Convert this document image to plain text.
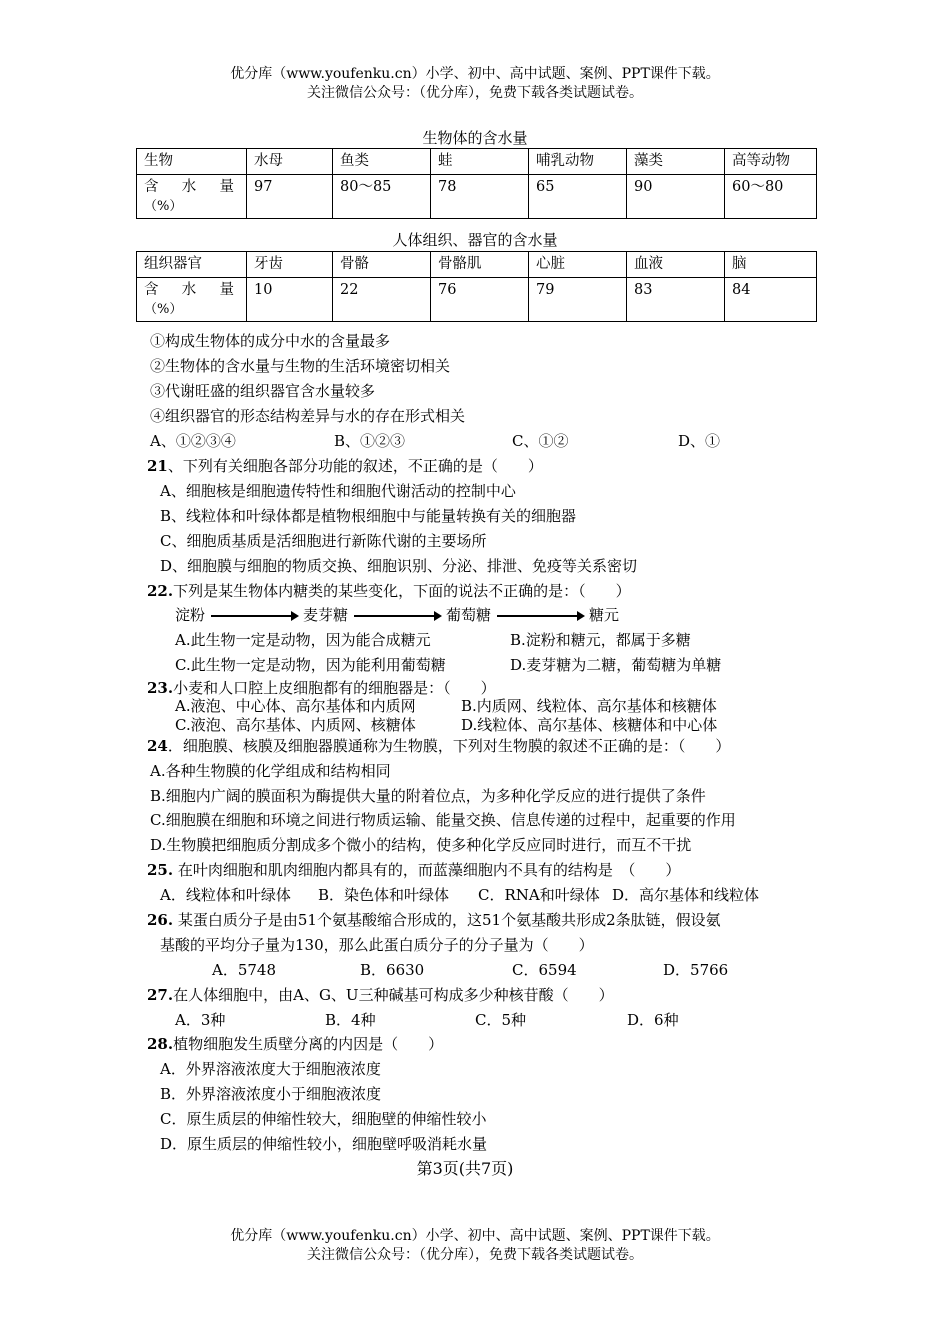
优分库（www.youfenku.cn）小学、初中、高中试题、案例、PPT课件下载。
关注微信公众号：（优分库），免费下载各类试题试卷。
生物体的含水量
生物	水母	鱼类	蛙	哺乳动物	藻类	高等动物

含 水 量
（%）	97	80～85	78	65	90	60～80
人体组织、器官的含水量
组织器官	牙齿	骨骼	骨骼肌	心脏	血液	脑

含 水 量
（%）	10	22	76	79	83	84
①构成生物体的成分中水的含量最多
②生物体的含水量与生物的生活环境密切相关
③代谢旺盛的组织器官含水量较多
④组织器官的形态结构差异与水的存在形式相关
A、①②③④	B、①②③	C、①②	D、①
21、下列有关细胞各部分功能的叙述，不正确的是（　　）
A、细胞核是细胞遗传特性和细胞代谢活动的控制中心
B、线粒体和叶绿体都是植物根细胞中与能量转换有关的细胞器
C、细胞质基质是活细胞进行新陈代谢的主要场所
D、细胞膜与细胞的物质交换、细胞识别、分泌、排泄、免疫等关系密切
22.下列是某生物体内糖类的某些变化，下面的说法不正确的是：（　　）
淀粉	麦芽糖	葡萄糖	糖元
A.此生物一定是动物，因为能合成糖元	B.淀粉和糖元，都属于多糖
C.此生物一定是动物，因为能利用葡萄糖	D.麦芽糖为二糖，葡萄糖为单糖
23.小麦和人口腔上皮细胞都有的细胞器是：（　　）
A.液泡、中心体、高尔基体和内质网	B.内质网、线粒体、高尔基体和核糖体
C.液泡、高尔基体、内质网、核糖体	D.线粒体、高尔基体、核糖体和中心体
24．细胞膜、核膜及细胞器膜通称为生物膜，下列对生物膜的叙述不正确的是：（　　）
A.各种生物膜的化学组成和结构相同
B.细胞内广阔的膜面积为酶提供大量的附着位点，为多种化学反应的进行提供了条件
C.细胞膜在细胞和环境之间进行物质运输、能量交换、信息传递的过程中，起重要的作用
D.生物膜把细胞质分割成多个微小的结构，使多种化学反应同时进行，而互不干扰
25. 在叶肉细胞和肌肉细胞内都具有的，而蓝藻细胞内不具有的结构是　（　　）
A．线粒体和叶绿体 B．染色体和叶绿体 C．RNA和叶绿体 D．高尔基体和线粒体
26. 某蛋白质分子是由51个氨基酸缩合形成的，这51个氨基酸共形成2条肽链，假设氨
基酸的平均分子量为130，那么此蛋白质分子的分子量为（　　）
A．5748	B．6630	C．6594	D．5766
27.在人体细胞中，由A、G、U三种碱基可构成多少种核苷酸（　　）
A．3种	B．4种	C．5种	D．6种
28.植物细胞发生质壁分离的内因是（　　）
A．外界溶液浓度大于细胞液浓度
B．外界溶液浓度小于细胞液浓度
C．原生质层的伸缩性较大，细胞壁的伸缩性较小
D．原生质层的伸缩性较小，细胞壁呼吸消耗水量
第3页(共7页)
优分库（www.youfenku.cn）小学、初中、高中试题、案例、PPT课件下载。
关注微信公众号：（优分库），免费下载各类试题试卷。
